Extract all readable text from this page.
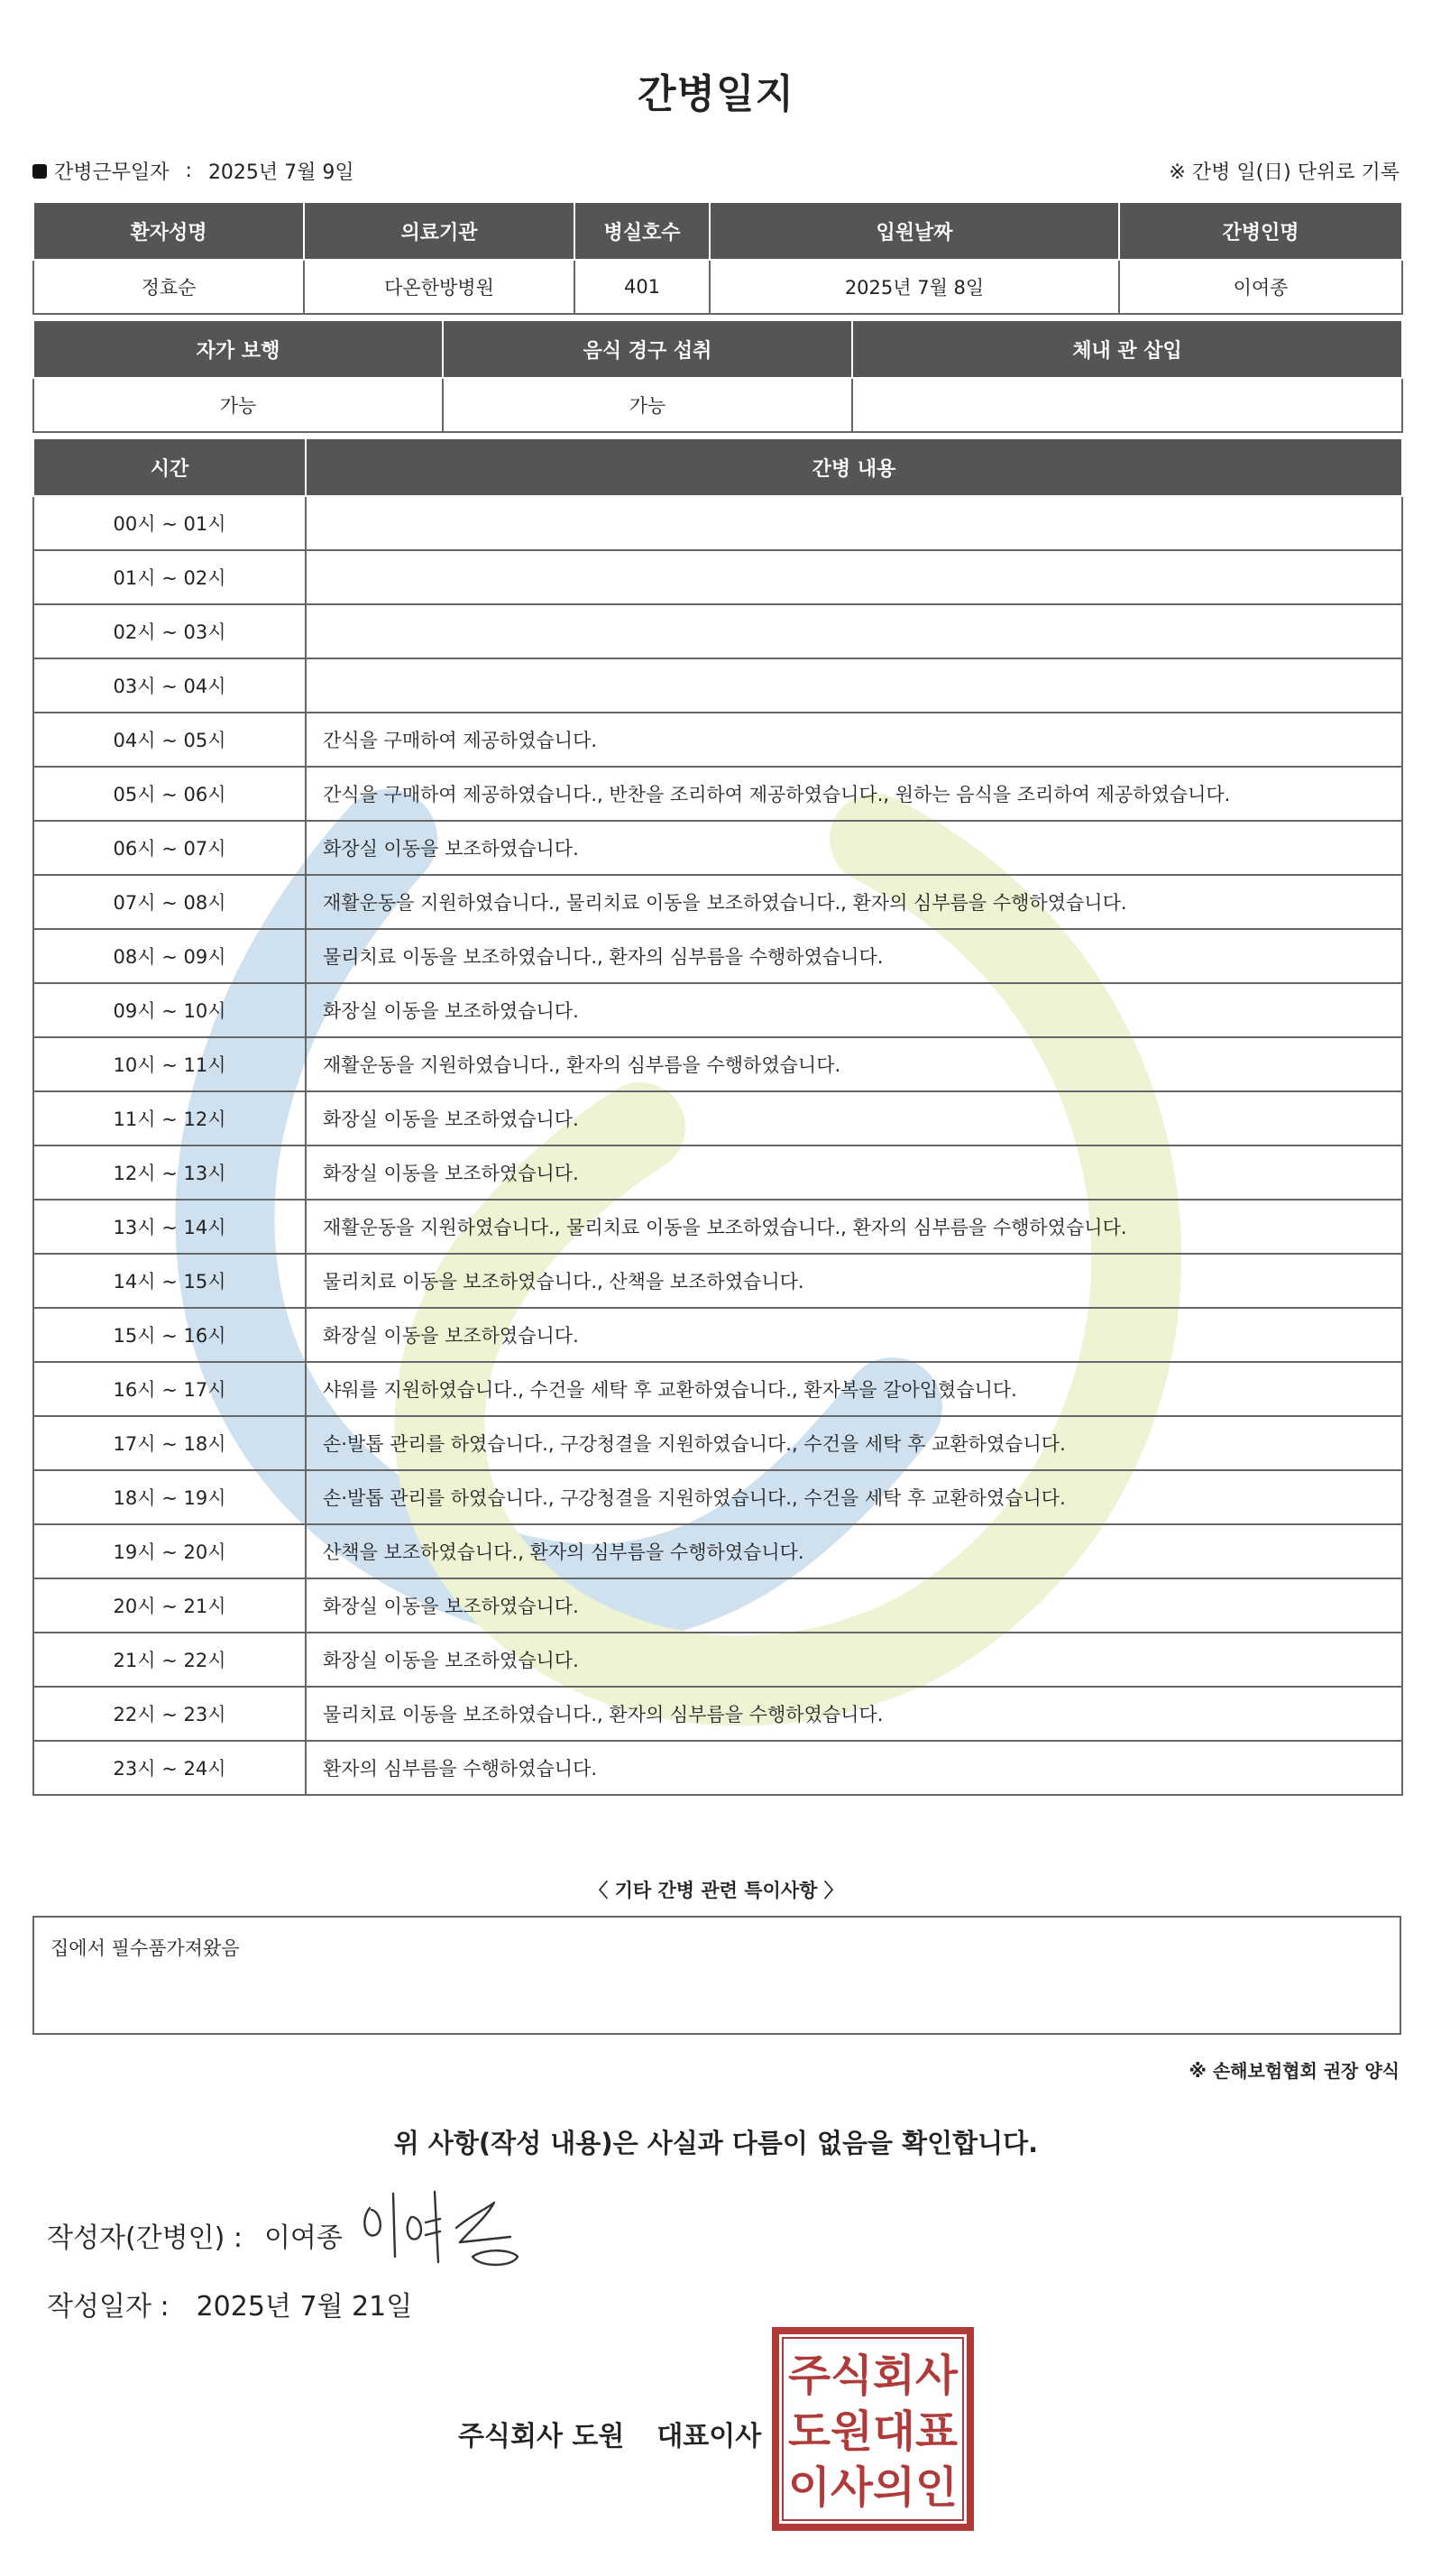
간병일지
간병근무일자 : 2025년 7월 9일	※ 간병 일(日) 단위로 기록
환자성명	의료기관	병실호수	입원날짜	간병인명
정효순	다온한방병원	401	2025년 7월 8일	이여종
자가 보행	음식 경구 섭취	체내 관 삽입
가능	가능	
시간	간병 내용
00시 ~ 01시	
01시 ~ 02시	
02시 ~ 03시	
03시 ~ 04시	
04시 ~ 05시	간식을 구매하여 제공하였습니다.
05시 ~ 06시	간식을 구매하여 제공하였습니다., 반찬을 조리하여 제공하였습니다., 원하는 음식을 조리하여 제공하였습니다.
06시 ~ 07시	화장실 이동을 보조하였습니다.
07시 ~ 08시	재활운동을 지원하였습니다., 물리치료 이동을 보조하였습니다., 환자의 심부름을 수행하였습니다.
08시 ~ 09시	물리치료 이동을 보조하였습니다., 환자의 심부름을 수행하였습니다.
09시 ~ 10시	화장실 이동을 보조하였습니다.
10시 ~ 11시	재활운동을 지원하였습니다., 환자의 심부름을 수행하였습니다.
11시 ~ 12시	화장실 이동을 보조하였습니다.
12시 ~ 13시	화장실 이동을 보조하였습니다.
13시 ~ 14시	재활운동을 지원하였습니다., 물리치료 이동을 보조하였습니다., 환자의 심부름을 수행하였습니다.
14시 ~ 15시	물리치료 이동을 보조하였습니다., 산책을 보조하였습니다.
15시 ~ 16시	화장실 이동을 보조하였습니다.
16시 ~ 17시	샤워를 지원하였습니다., 수건을 세탁 후 교환하였습니다., 환자복을 갈아입혔습니다.
17시 ~ 18시	손·발톱 관리를 하였습니다., 구강청결을 지원하였습니다., 수건을 세탁 후 교환하였습니다.
18시 ~ 19시	손·발톱 관리를 하였습니다., 구강청결을 지원하였습니다., 수건을 세탁 후 교환하였습니다.
19시 ~ 20시	산책을 보조하였습니다., 환자의 심부름을 수행하였습니다.
20시 ~ 21시	화장실 이동을 보조하였습니다.
21시 ~ 22시	화장실 이동을 보조하였습니다.
22시 ~ 23시	물리치료 이동을 보조하였습니다., 환자의 심부름을 수행하였습니다.
23시 ~ 24시	환자의 심부름을 수행하였습니다.
〈 기타 간병 관련 특이사항 〉
집에서 필수품가져왔음
※ 손해보험협회 권장 양식
위 사항(작성 내용)은 사실과 다름이 없음을 확인합니다.
작성자(간병인) : 이여종
작성일자 : 2025년 7월 21일
주식회사 도원 대표이사
주식회사
도원대표
이사의인
